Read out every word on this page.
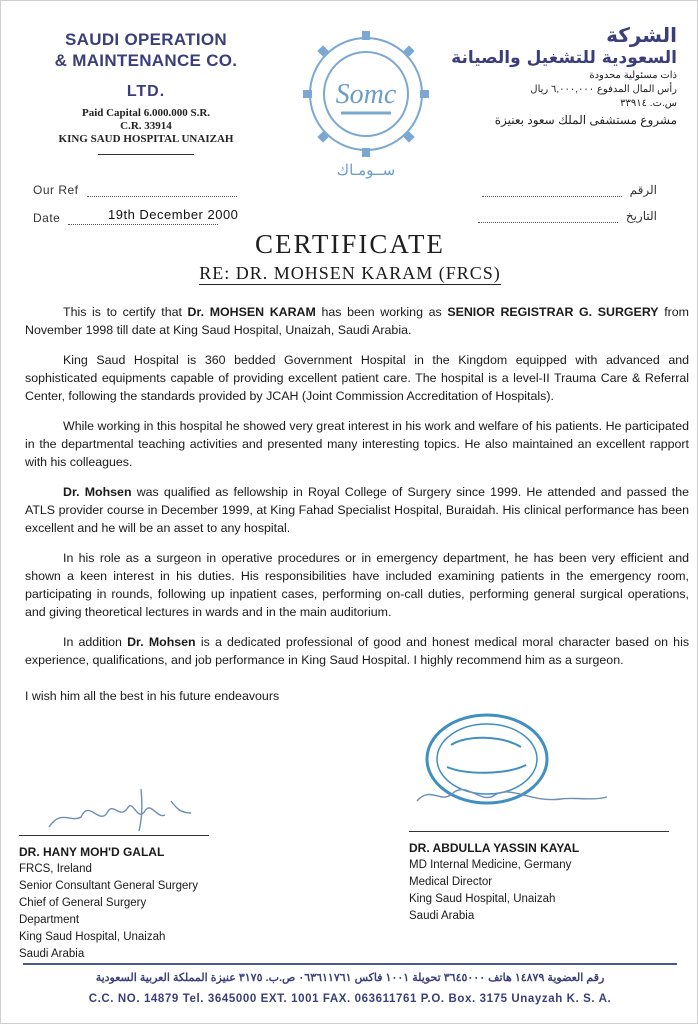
SAUDI OPERATION
& MAINTENANCE CO.
LTD.
Paid Capital 6.000.000 S.R.
C.R. 33914
KING SAUD HOSPITAL UNAIZAH
Somc
ســومـاك
الشركة
السعودية للتشغيل والصيانة
ذات مسئولية محدودة
رأس المال المدفوع ٦,٠٠٠,٠٠٠ ريال
س.ت. ٣٣٩١٤
مشروع مستشفى الملك سعود بعنيزة
Our Ref
Date	19th December 2000
الرقم
التاريخ
CERTIFICATE
RE: DR. MOHSEN KARAM (FRCS)

This is to certify that Dr. MOHSEN KARAM has been working as SENIOR REGISTRAR G. SURGERY from November 1998 till date at King Saud Hospital, Unaizah, Saudi Arabia.

King Saud Hospital is 360 bedded Government Hospital in the Kingdom equipped with advanced and sophisticated equipments capable of providing excellent patient care. The hospital is a level-II Trauma Care & Referral Center, following the standards provided by JCAH (Joint Commission Accreditation of Hospitals).

While working in this hospital he showed very great interest in his work and welfare of his patients. He participated in the departmental teaching activities and presented many interesting topics. He also maintained an excellent rapport with his colleagues.

Dr. Mohsen was qualified as fellowship in Royal College of Surgery since 1999. He attended and passed the ATLS provider course in December 1999, at King Fahad Specialist Hospital, Buraidah. His clinical performance has been excellent and he will be an asset to any hospital.

In his role as a surgeon in operative procedures or in emergency department, he has been very efficient and shown a keen interest in his duties. His responsibilities have included examining patients in the emergency room, participating in rounds, following up inpatient cases, performing on-call duties, performing general surgical operations, and giving theoretical lectures in wards and in the main auditorium.

In addition Dr. Mohsen is a dedicated professional of good and honest medical moral character based on his experience, qualifications, and job performance in King Saud Hospital. I highly recommend him as a surgeon.

I wish him all the best in his future endeavours

DR. HANY MOH'D GALAL
FRCS, Ireland
Senior Consultant General Surgery
Chief of General Surgery Department
King Saud Hospital, Unaizah
Saudi Arabia
DR. ABDULLA YASSIN KAYAL
MD Internal Medicine, Germany
Medical Director
King Saud Hospital, Unaizah
Saudi Arabia
رقم العضوية ١٤٨٧٩ هاتف ٣٦٤٥٠٠٠ تحويلة ١٠٠١ فاكس ٠٦٣٦١١٧٦١ ص.ب. ٣١٧٥ عنيزة المملكة العربية السعودية
C.C. NO. 14879 Tel. 3645000 EXT. 1001 FAX. 063611761 P.O. Box. 3175 Unayzah K. S. A.
